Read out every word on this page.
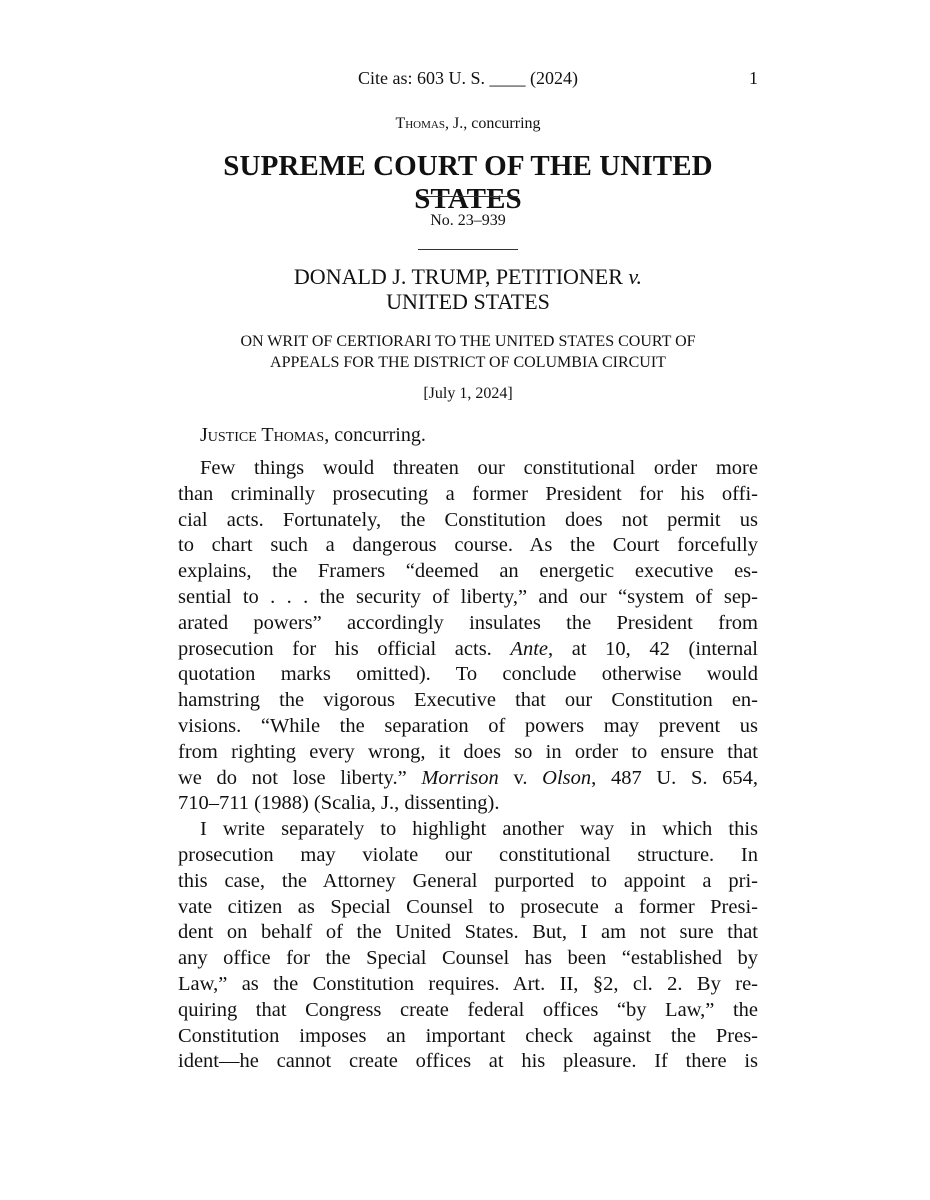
Cite as: 603 U. S. ____ (2024)	1
Thomas, J., concurring
SUPREME COURT OF THE UNITED STATES
No. 23–939
DONALD J. TRUMP, PETITIONER v.
UNITED STATES
ON WRIT OF CERTIORARI TO THE UNITED STATES COURT OF
APPEALS FOR THE DISTRICT OF COLUMBIA CIRCUIT
[July 1, 2024]
Justice Thomas, concurring.
Few things would threaten our constitutional order more
than criminally prosecuting a former President for his offi-
cial acts. Fortunately, the Constitution does not permit us
to chart such a dangerous course. As the Court forcefully
explains, the Framers “deemed an energetic executive es-
sential to . . . the security of liberty,” and our “system of sep-
arated powers” accordingly insulates the President from
prosecution for his official acts. Ante, at 10, 42 (internal
quotation marks omitted). To conclude otherwise would
hamstring the vigorous Executive that our Constitution en-
visions. “While the separation of powers may prevent us
from righting every wrong, it does so in order to ensure that
we do not lose liberty.” Morrison v. Olson, 487 U. S. 654,
710–711 (1988) (Scalia, J., dissenting).
I write separately to highlight another way in which this
prosecution may violate our constitutional structure. In
this case, the Attorney General purported to appoint a pri-
vate citizen as Special Counsel to prosecute a former Presi-
dent on behalf of the United States. But, I am not sure that
any office for the Special Counsel has been “established by
Law,” as the Constitution requires. Art. II, §2, cl. 2. By re-
quiring that Congress create federal offices “by Law,” the
Constitution imposes an important check against the Pres-
ident—he cannot create offices at his pleasure. If there is
